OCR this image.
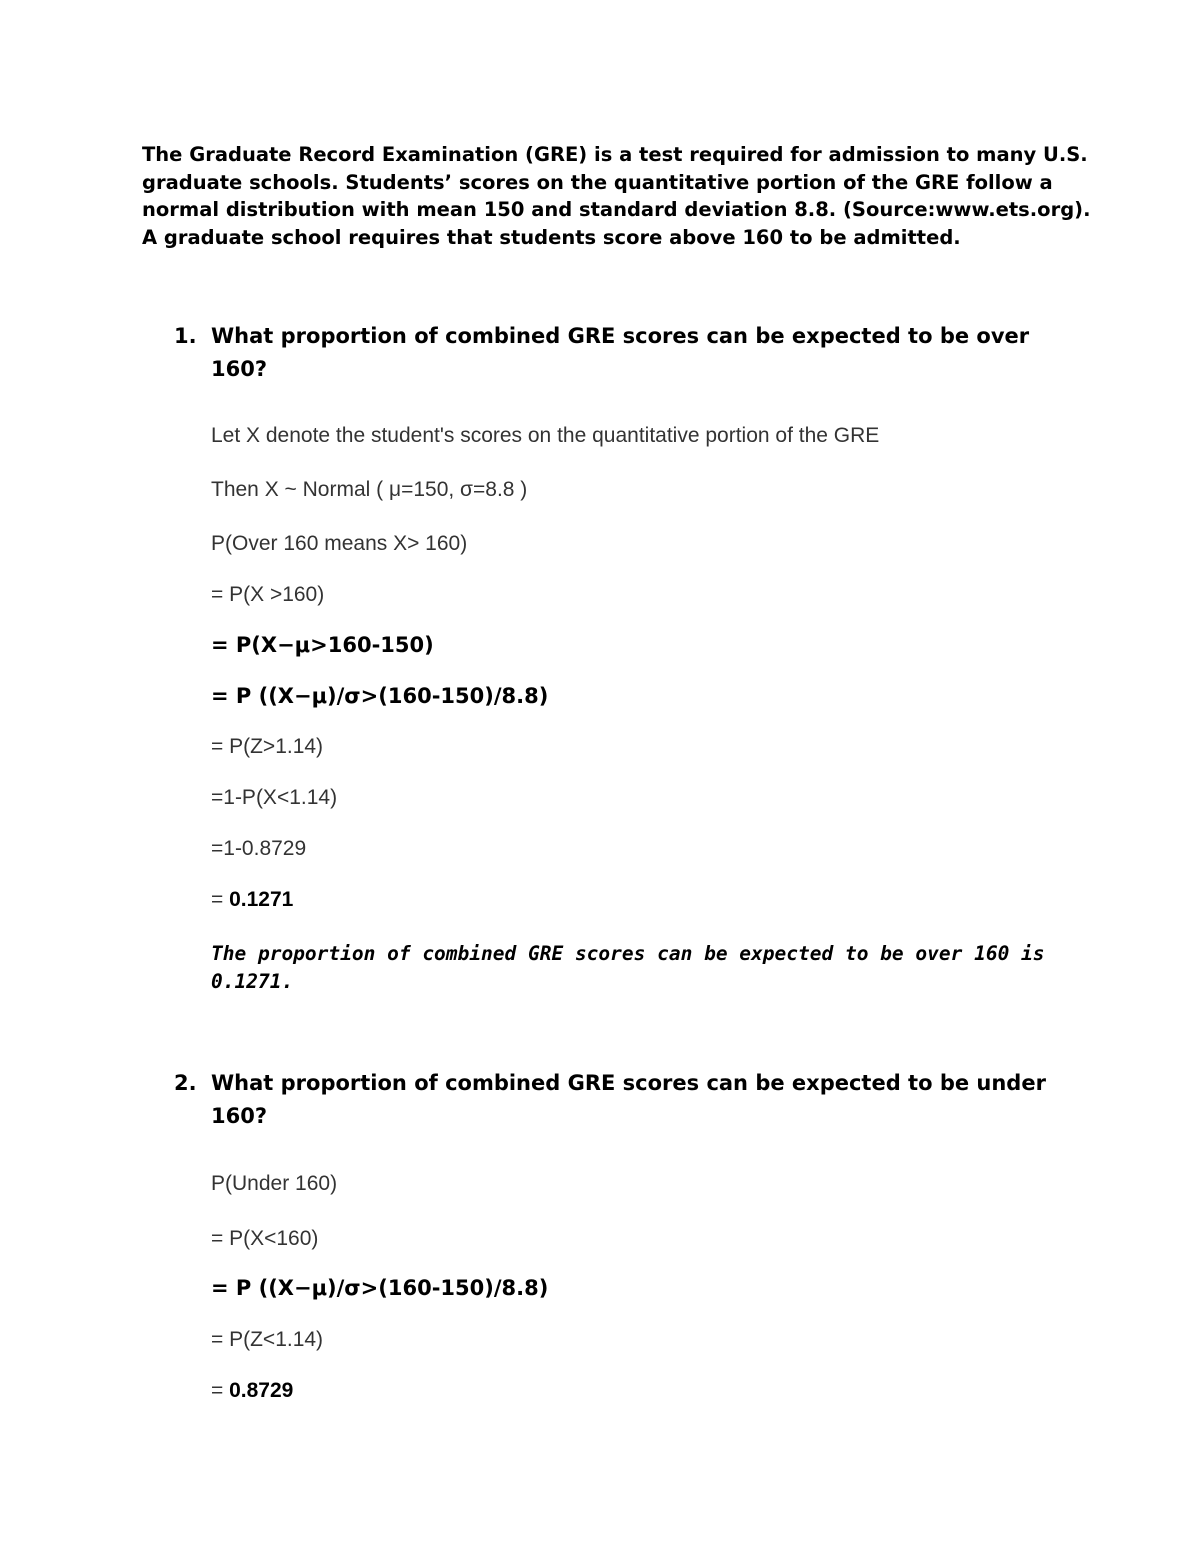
The Graduate Record Examination (GRE) is a test required for admission to many U.S.
graduate schools. Students’ scores on the quantitative portion of the GRE follow a
normal distribution with mean 150 and standard deviation 8.8. (Source:www.ets.org).
A graduate school requires that students score above 160 to be admitted.

1. What proportion of combined GRE scores can be expected to be over
160?
Let X denote the student's scores on the quantitative portion of the GRE
Then X ~ Normal ( μ=150, σ=8.8 )
P(Over 160 means X> 160)
= P(X >160)
= P(X−μ>160-150)
= P ((X−μ)/σ>(160-150)/8.8)
= P(Z>1.14)
=1-P(X<1.14)
=1-0.8729
= 0.1271
The proportion of combined GRE scores can be expected to be over 160 is
0.1271.
2. What proportion of combined GRE scores can be expected to be under
160?
P(Under 160)
= P(X<160)
= P ((X−μ)/σ>(160-150)/8.8)
= P(Z<1.14)
= 0.8729
